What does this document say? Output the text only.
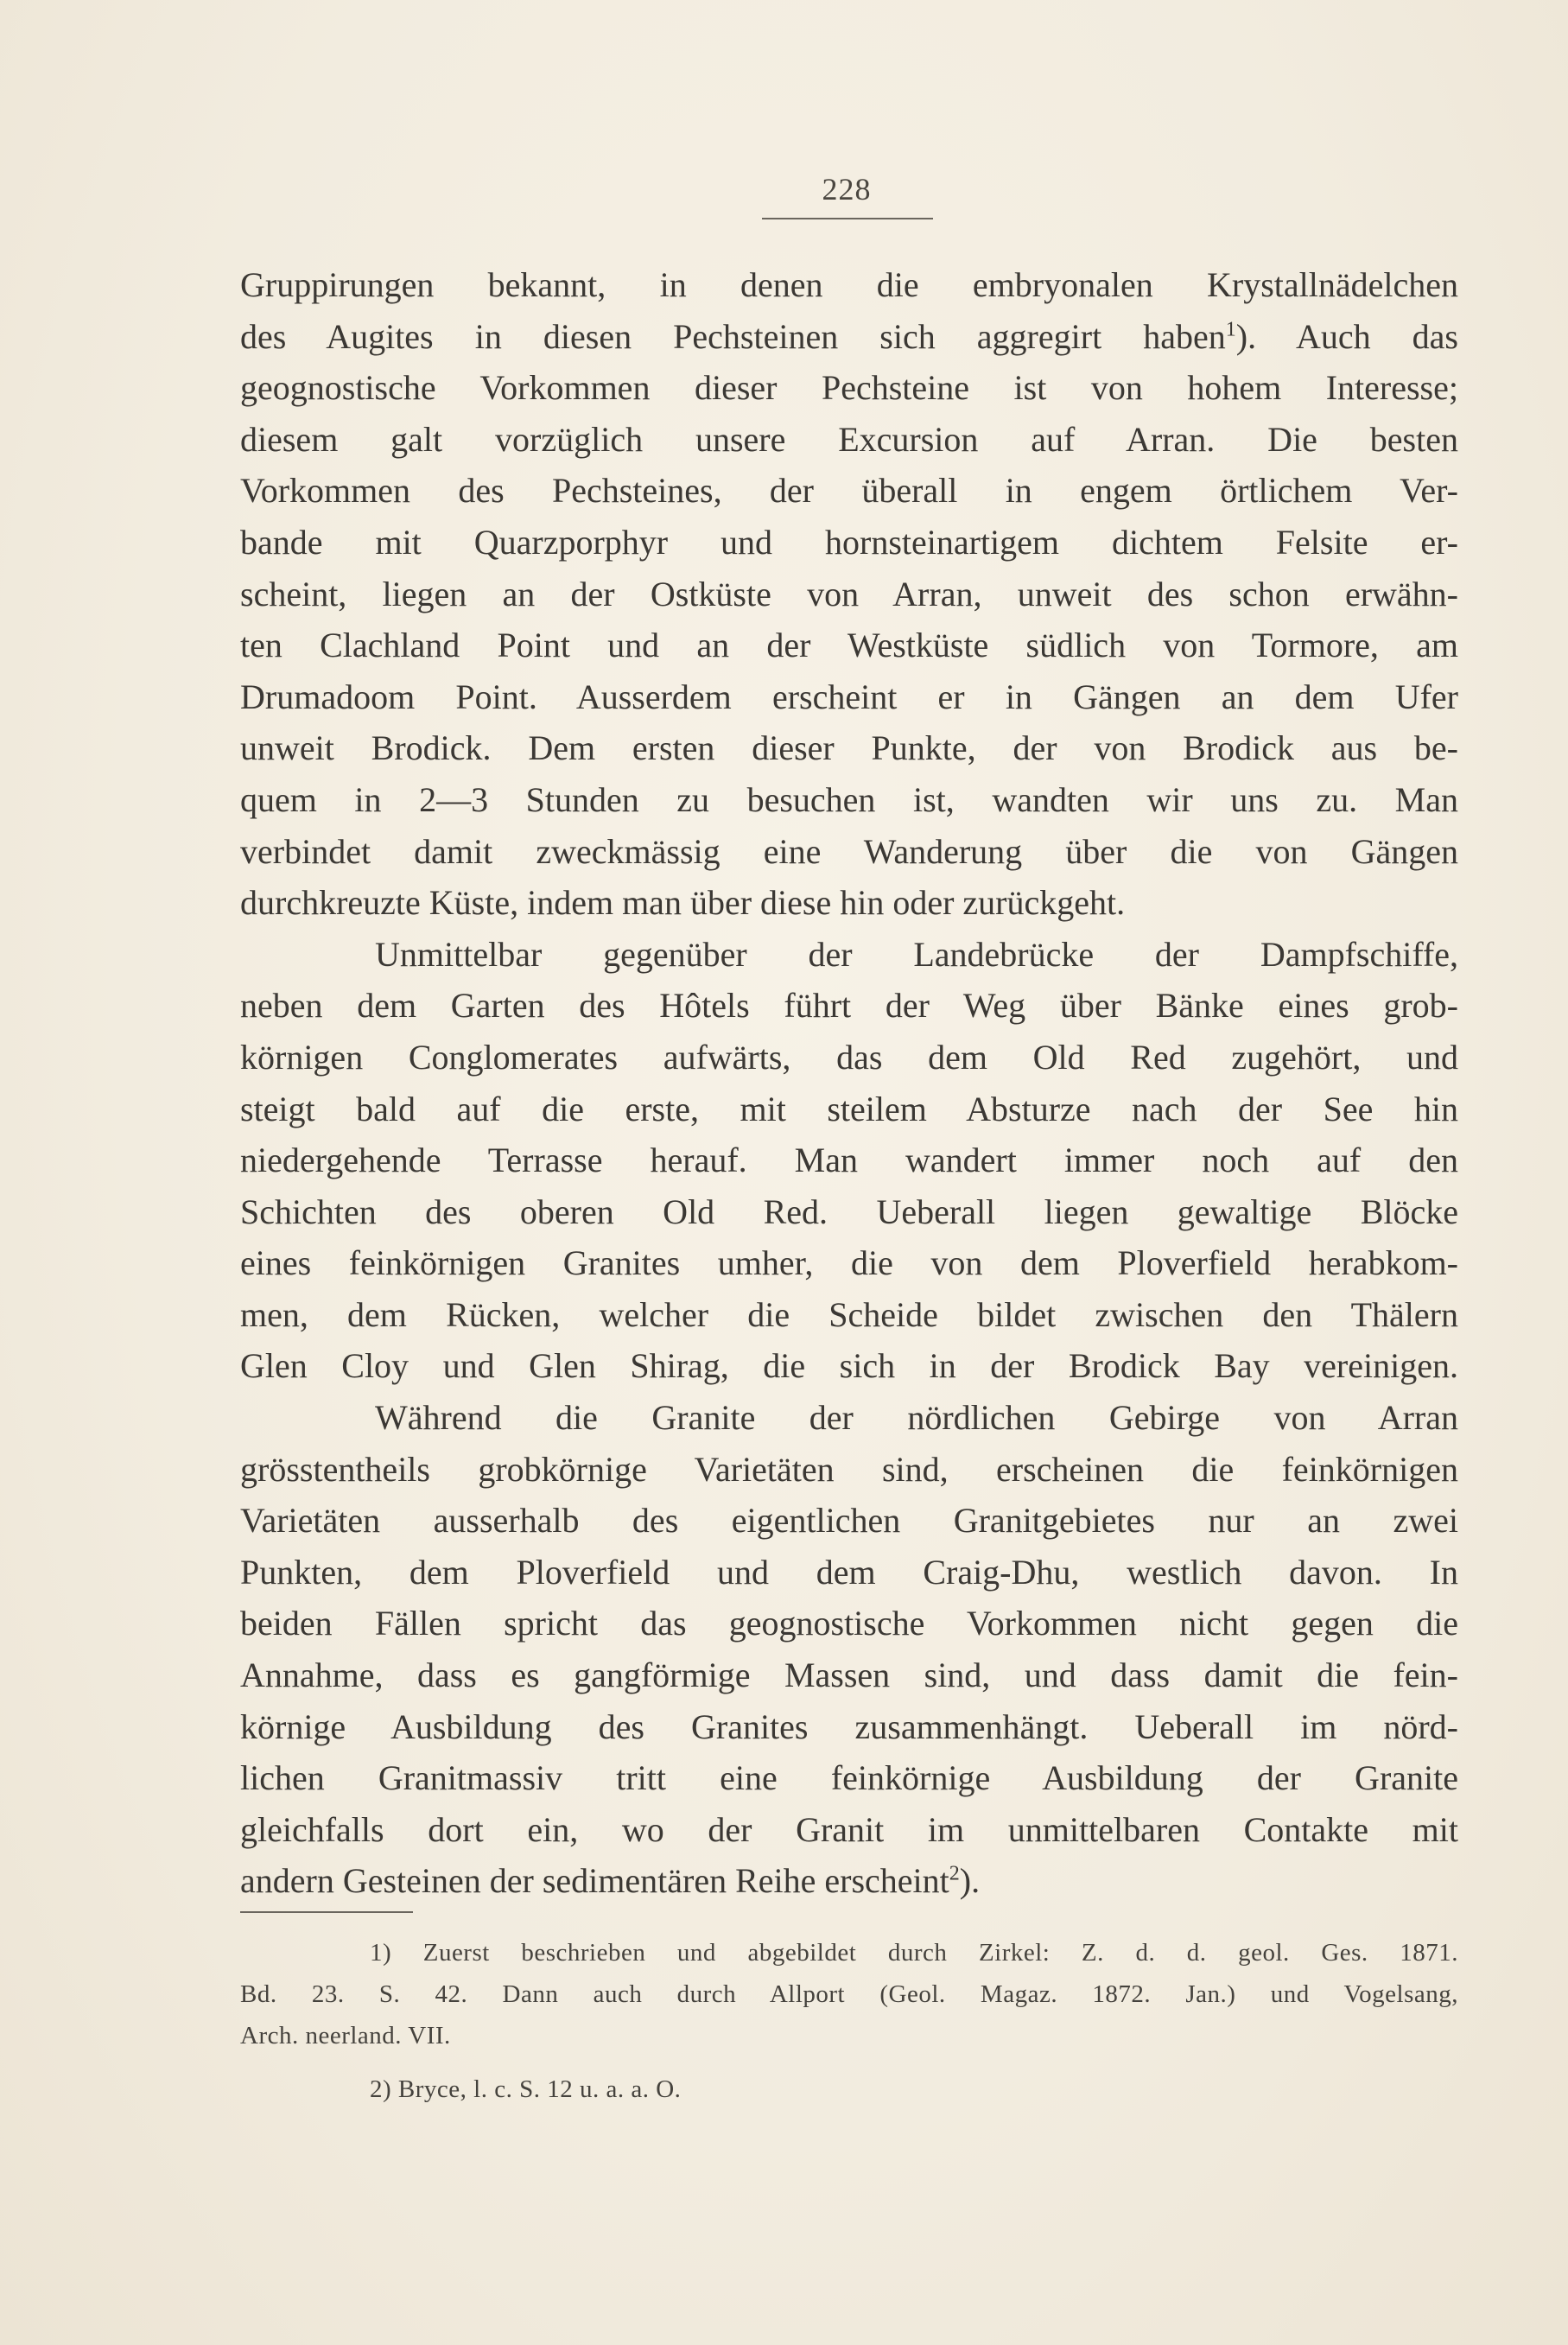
228
Gruppirungen bekannt, in denen die embryonalen Krystallnädelchen
des Augites in diesen Pechsteinen sich aggregirt haben$^1$). Auch das
geognostische Vorkommen dieser Pechsteine ist von hohem Interesse;
diesem galt vorzüglich unsere Excursion auf Arran. Die besten
Vorkommen des Pechsteines, der überall in engem örtlichem Ver-
bande mit Quarzporphyr und hornsteinartigem dichtem Felsite er-
scheint, liegen an der Ostküste von Arran, unweit des schon erwähn-
ten Clachland Point und an der Westküste südlich von Tormore, am
Drumadoom Point. Ausserdem erscheint er in Gängen an dem Ufer
unweit Brodick. Dem ersten dieser Punkte, der von Brodick aus be-
quem in 2—3 Stunden zu besuchen ist, wandten wir uns zu. Man
verbindet damit zweckmässig eine Wanderung über die von Gängen
durchkreuzte Küste, indem man über diese hin oder zurückgeht.
Unmittelbar gegenüber der Landebrücke der Dampfschiffe,
neben dem Garten des Hôtels führt der Weg über Bänke eines grob-
körnigen Conglomerates aufwärts, das dem Old Red zugehört, und
steigt bald auf die erste, mit steilem Absturze nach der See hin
niedergehende Terrasse herauf. Man wandert immer noch auf den
Schichten des oberen Old Red. Ueberall liegen gewaltige Blöcke
eines feinkörnigen Granites umher, die von dem Ploverfield herabkom-
men, dem Rücken, welcher die Scheide bildet zwischen den Thälern
Glen Cloy und Glen Shirag, die sich in der Brodick Bay vereinigen.
Während die Granite der nördlichen Gebirge von Arran
grösstentheils grobkörnige Varietäten sind, erscheinen die feinkörnigen
Varietäten ausserhalb des eigentlichen Granitgebietes nur an zwei
Punkten, dem Ploverfield und dem Craig-Dhu, westlich davon. In
beiden Fällen spricht das geognostische Vorkommen nicht gegen die
Annahme, dass es gangförmige Massen sind, und dass damit die fein-
körnige Ausbildung des Granites zusammenhängt. Ueberall im nörd-
lichen Granitmassiv tritt eine feinkörnige Ausbildung der Granite
gleichfalls dort ein, wo der Granit im unmittelbaren Contakte mit
andern Gesteinen der sedimentären Reihe erscheint$^2$).
1) Zuerst beschrieben und abgebildet durch Zirkel: Z. d. d. geol. Ges. 1871.
Bd. 23. S. 42. Dann auch durch Allport (Geol. Magaz. 1872. Jan.) und Vogelsang,
Arch. neerland. VII.
2) Bryce, l. c. S. 12 u. a. a. O.
